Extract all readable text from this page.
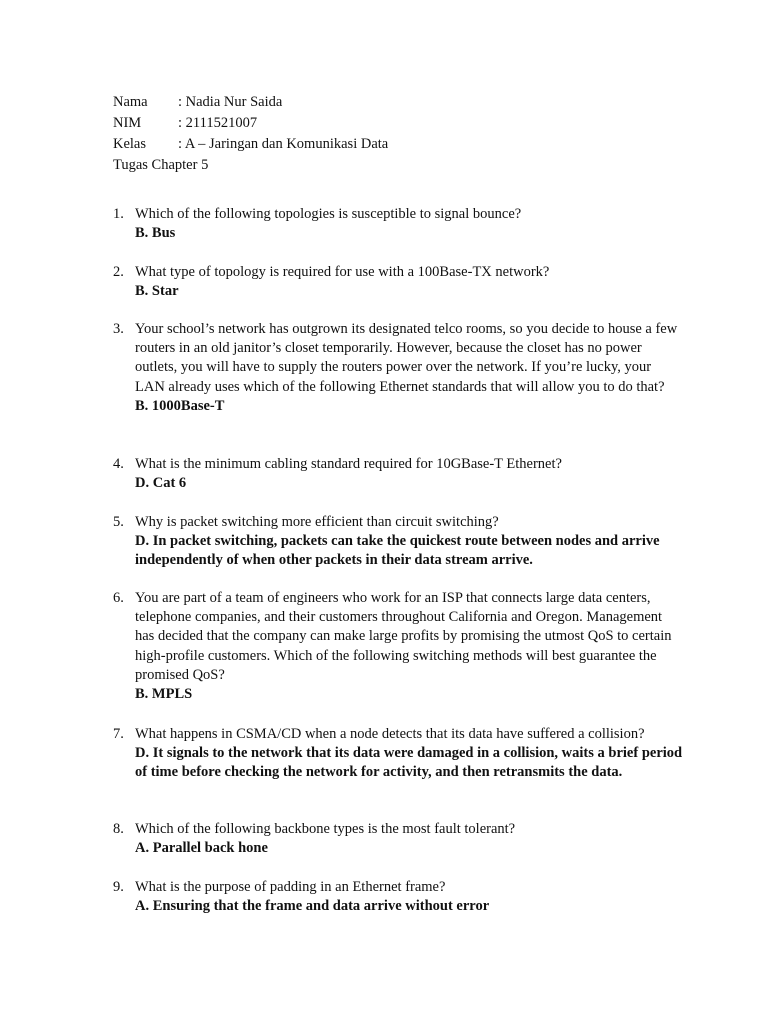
Nama	: Nadia Nur Saida
NIM	: 2111521007
Kelas	: A – Jaringan dan Komunikasi Data
Tugas Chapter 5
1. Which of the following topologies is susceptible to signal bounce?

B. Bus

2. What type of topology is required for use with a 100Base-TX network?

B. Star

3. Your school’s network has outgrown its designated telco rooms, so you decide to house a few routers in an old janitor’s closet temporarily. However, because the closet has no power outlets, you will have to supply the routers power over the network. If you’re lucky, your LAN already uses which of the following Ethernet standards that will allow you to do that?

B. 1000Base-T

4. What is the minimum cabling standard required for 10GBase-T Ethernet?

D. Cat 6

5. Why is packet switching more efficient than circuit switching?

D. In packet switching, packets can take the quickest route between nodes and arrive independently of when other packets in their data stream arrive.

6. You are part of a team of engineers who work for an ISP that connects large data centers, telephone companies, and their customers throughout California and Oregon. Management has decided that the company can make large profits by promising the utmost QoS to certain high-profile customers. Which of the following switching methods will best guarantee the promised QoS?

B. MPLS

7. What happens in CSMA/CD when a node detects that its data have suffered a collision?

D. It signals to the network that its data were damaged in a collision, waits a brief period of time before checking the network for activity, and then retransmits the data.

8. Which of the following backbone types is the most fault tolerant?

A. Parallel back hone

9. What is the purpose of padding in an Ethernet frame?

A. Ensuring that the frame and data arrive without error
